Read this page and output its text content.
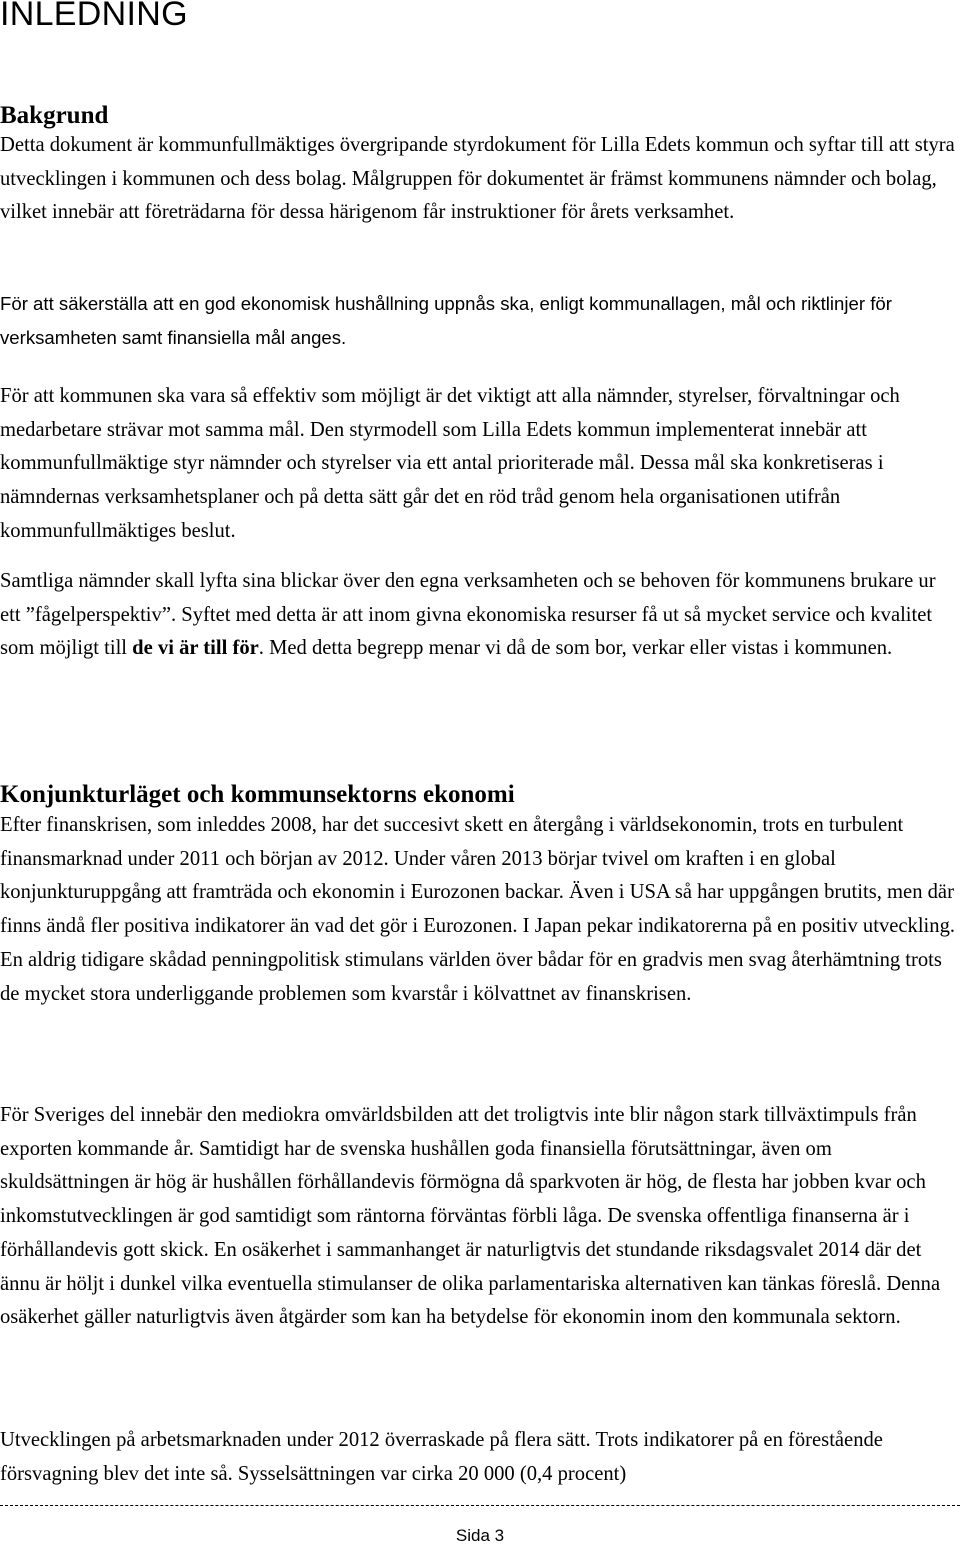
INLEDNING
Bakgrund

Detta dokument är kommunfullmäktiges övergripande styrdokument för Lilla Edets kommun och syftar till att styra utvecklingen i kommunen och dess bolag. Målgruppen för dokumentet är främst kommunens nämnder och bolag, vilket innebär att företrädarna för dessa härigenom får instruktioner för årets verksamhet.

För att säkerställa att en god ekonomisk hushållning uppnås ska, enligt kommunallagen, mål och riktlinjer för verksamheten samt finansiella mål anges.

För att kommunen ska vara så effektiv som möjligt är det viktigt att alla nämnder, styrelser, förvaltningar och medarbetare strävar mot samma mål. Den styrmodell som Lilla Edets kommun implementerat innebär att kommunfullmäktige styr nämnder och styrelser via ett antal prioriterade mål. Dessa mål ska konkretiseras i nämndernas verksamhetsplaner och på detta sätt går det en röd tråd genom hela organisationen utifrån kommunfullmäktiges beslut.

Samtliga nämnder skall lyfta sina blickar över den egna verksamheten och se behoven för kommunens brukare ur ett ”fågelperspektiv”. Syftet med detta är att inom givna ekonomiska resurser få ut så mycket service och kvalitet som möjligt till de vi är till för. Med detta begrepp menar vi då de som bor, verkar eller vistas i kommunen.

Konjunkturläget och kommunsektorns ekonomi

Efter finanskrisen, som inleddes 2008, har det succesivt skett en återgång i världsekonomin, trots en turbulent finansmarknad under 2011 och början av 2012. Under våren 2013 börjar tvivel om kraften i en global konjunkturuppgång att framträda och ekonomin i Eurozonen backar. Även i USA så har uppgången brutits, men där finns ändå fler positiva indikatorer än vad det gör i Eurozonen. I Japan pekar indikatorerna på en positiv utveckling. En aldrig tidigare skådad penningpolitisk stimulans världen över bådar för en gradvis men svag återhämtning trots de mycket stora underliggande problemen som kvarstår i kölvattnet av finanskrisen.

För Sveriges del innebär den mediokra omvärldsbilden att det troligtvis inte blir någon stark tillväxtimpuls från exporten kommande år. Samtidigt har de svenska hushållen goda finansiella förutsättningar, även om skuldsättningen är hög är hushållen förhållandevis förmögna då sparkvoten är hög, de flesta har jobben kvar och inkomstutvecklingen är god samtidigt som räntorna förväntas förbli låga. De svenska offentliga finanserna är i förhållandevis gott skick. En osäkerhet i sammanhanget är naturligtvis det stundande riksdagsvalet 2014 där det ännu är höljt i dunkel vilka eventuella stimulanser de olika parlamentariska alternativen kan tänkas föreslå. Denna osäkerhet gäller naturligtvis även åtgärder som kan ha betydelse för ekonomin inom den kommunala sektorn.

Utvecklingen på arbetsmarknaden under 2012 överraskade på flera sätt. Trots indikatorer på en förestående försvagning blev det inte så. Sysselsättningen var cirka 20 000 (0,4 procent)

Sida 3
